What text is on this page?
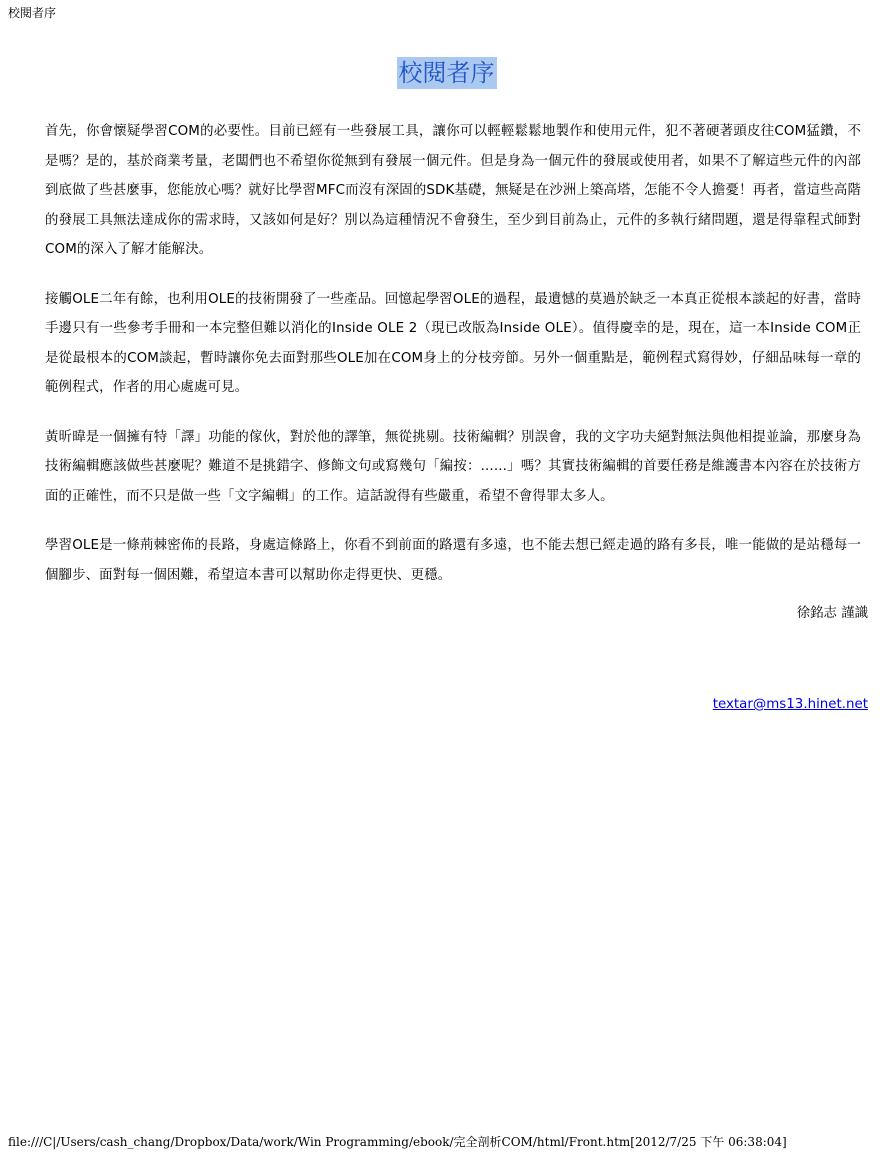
校閱者序
校閱者序

首先，你會懷疑學習COM的必要性。目前已經有一些發展工具，讓你可以輕輕鬆鬆地製作和使用元件，犯不著硬著頭皮往COM猛鑽，不是嗎？是的，基於商業考量，老闆們也不希望你從無到有發展一個元件。但是身為一個元件的發展或使用者，如果不了解這些元件的內部到底做了些甚麼事，您能放心嗎？就好比學習MFC而沒有深固的SDK基礎，無疑是在沙洲上築高塔，怎能不令人擔憂！再者，當這些高階的發展工具無法達成你的需求時，又該如何是好？別以為這種情況不會發生，至少到目前為止，元件的多執行緒問題，還是得靠程式師對COM的深入了解才能解決。

接觸OLE二年有餘，也利用OLE的技術開發了一些產品。回憶起學習OLE的過程，最遺憾的莫過於缺乏一本真正從根本談起的好書，當時手邊只有一些參考手冊和一本完整但難以消化的Inside OLE 2（現已改版為Inside OLE）。值得慶幸的是，現在，這一本Inside COM正是從最根本的COM談起，暫時讓你免去面對那些OLE加在COM身上的分枝旁節。另外一個重點是，範例程式寫得妙，仔細品味每一章的範例程式，作者的用心處處可見。

黃昕暐是一個擁有特「譯」功能的傢伙，對於他的譯筆，無從挑剔。技術編輯？別誤會，我的文字功夫絕對無法與他相提並論，那麼身為技術編輯應該做些甚麼呢？難道不是挑錯字、修飾文句或寫幾句「編按：......」嗎？其實技術編輯的首要任務是維護書本內容在於技術方面的正確性，而不只是做一些「文字編輯」的工作。這話說得有些嚴重，希望不會得罪太多人。

學習OLE是一條荊棘密佈的長路，身處這條路上，你看不到前面的路還有多遠，也不能去想已經走過的路有多長，唯一能做的是站穩每一個腳步、面對每一個困難，希望這本書可以幫助你走得更快、更穩。

徐銘志 謹識
textar@ms13.hinet.net
file:///C|/Users/cash_chang/Dropbox/Data/work/Win Programming/ebook/完全剖析COM/html/Front.htm[2012/7/25 下午 06:38:04]
